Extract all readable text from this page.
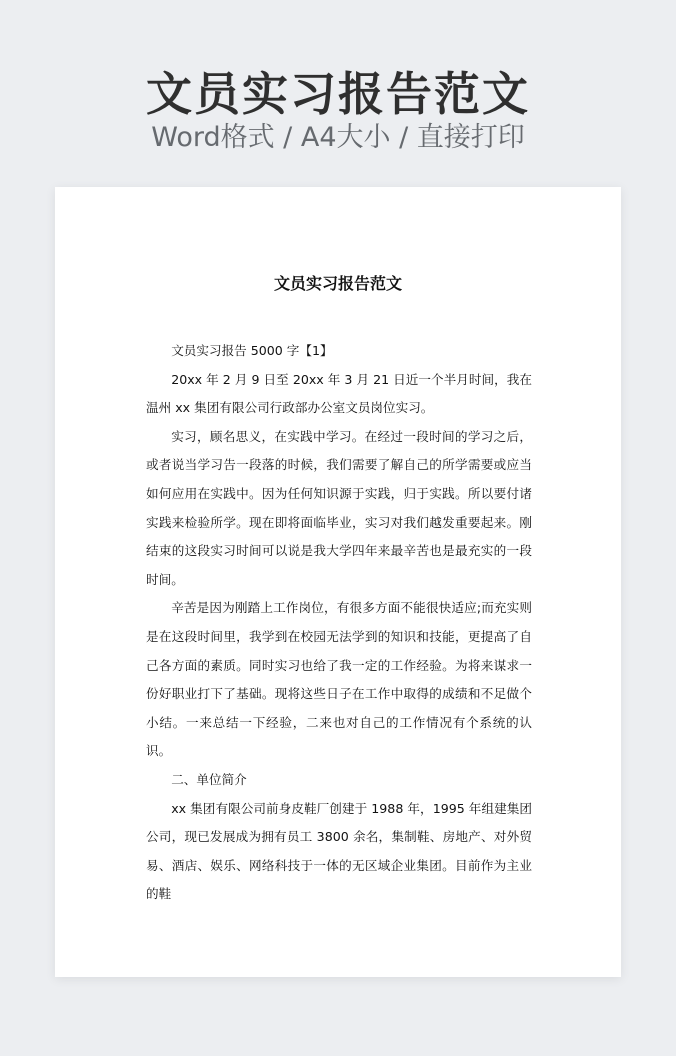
文员实习报告范文
Word格式 / A4大小 / 直接打印
文员实习报告范文

文员实习报告 5000 字【1】

20xx 年 2 月 9 日至 20xx 年 3 月 21 日近一个半月时间，我在温州 xx 集团有限公司行政部办公室文员岗位实习。

实习，顾名思义，在实践中学习。在经过一段时间的学习之后，或者说当学习告一段落的时候，我们需要了解自己的所学需要或应当如何应用在实践中。因为任何知识源于实践，归于实践。所以要付诸实践来检验所学。现在即将面临毕业，实习对我们越发重要起来。刚结束的这段实习时间可以说是我大学四年来最辛苦也是最充实的一段时间。

辛苦是因为刚踏上工作岗位，有很多方面不能很快适应;而充实则是在这段时间里，我学到在校园无法学到的知识和技能，更提高了自己各方面的素质。同时实习也给了我一定的工作经验。为将来谋求一份好职业打下了基础。现将这些日子在工作中取得的成绩和不足做个小结。一来总结一下经验，二来也对自己的工作情况有个系统的认识。

二、单位简介

xx 集团有限公司前身皮鞋厂创建于 1988 年，1995 年组建集团公司，现已发展成为拥有员工 3800 余名，集制鞋、房地产、对外贸易、酒店、娱乐、网络科技于一体的无区域企业集团。目前作为主业的鞋
